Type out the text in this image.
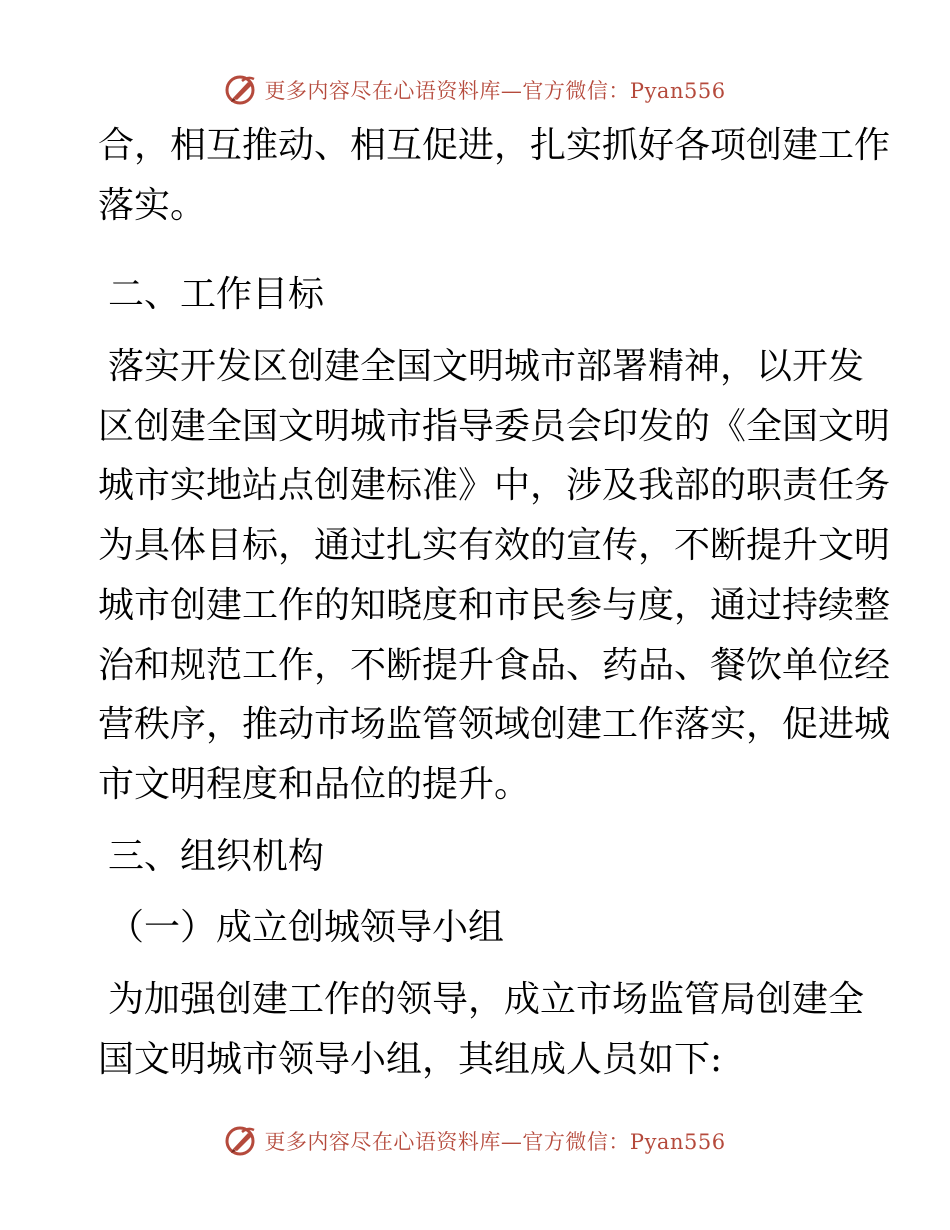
更多内容尽在心语资料库—官方微信：Pyan556
合，相互推动、相互促进，扎实抓好各项创建工作
落实。
二、工作目标
落实开发区创建全国文明城市部署精神，以开发
区创建全国文明城市指导委员会印发的《全国文明
城市实地站点创建标准》中，涉及我部的职责任务
为具体目标，通过扎实有效的宣传，不断提升文明
城市创建工作的知晓度和市民参与度，通过持续整
治和规范工作，不断提升食品、药品、餐饮单位经
营秩序，推动市场监管领域创建工作落实，促进城
市文明程度和品位的提升。
三、组织机构
（一）成立创城领导小组
为加强创建工作的领导，成立市场监管局创建全
国文明城市领导小组，其组成人员如下:
更多内容尽在心语资料库—官方微信：Pyan556
